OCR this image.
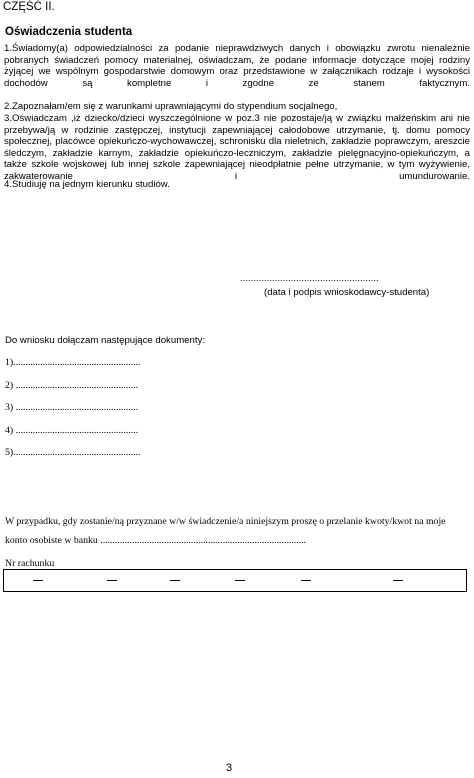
CZĘŚĆ II.
Oświadczenia studenta

1.Świadomy(a) odpowiedzialności za podanie nieprawdziwych danych i obowiązku zwrotu nienależnie pobranych świadczeń pomocy materialnej, oświadczam, że podane informacje dotyczące mojej rodziny żyjącej we wspólnym gospodarstwie domowym oraz przedstawione w załącznikach rodzaje i wysokości dochodów są kompletne i zgodne ze stanem faktycznym.

2.Zapoznałam/em się z warunkami uprawniającymi do stypendium socjalnego,

3.Oświadczam ,iż dziecko/dzieci wyszczególnione w poz.3 nie pozostaje/ją w związku małżeńskim ani nie przebywa/ją w rodzinie zastępczej, instytucji zapewniającej całodobowe utrzymanie, tj. domu pomocy społecznej, placówce opiekuńczo-wychowawczej, schronisku dla nieletnich, zakładzie poprawczym, areszcie śledczym, zakładzie karnym, zakładzie opiekuńczo-leczniczym, zakładzie pielęgnacyjno-opiekuńczym, a także szkole wojskowej lub innej szkole zapewniającej nieodpłatnie pełne utrzymanie, w tym wyżywienie, zakwaterowanie i umundurowanie.

4.Studiuję na jednym kierunku studiów.

....................................................
(data i podpis wnioskodawcy-studenta)
Do wniosku dołączam następujące dokumenty:
1)....................................................
2) ..................................................
3) ..................................................
4) ..................................................
5)....................................................
W przypadku, gdy zostanie/ną przyznane w/w świadczenie/a niniejszym proszę o przelanie kwoty/kwot na moje
konto osobiste w banku ....................................................................................
Nr rachunku
3
